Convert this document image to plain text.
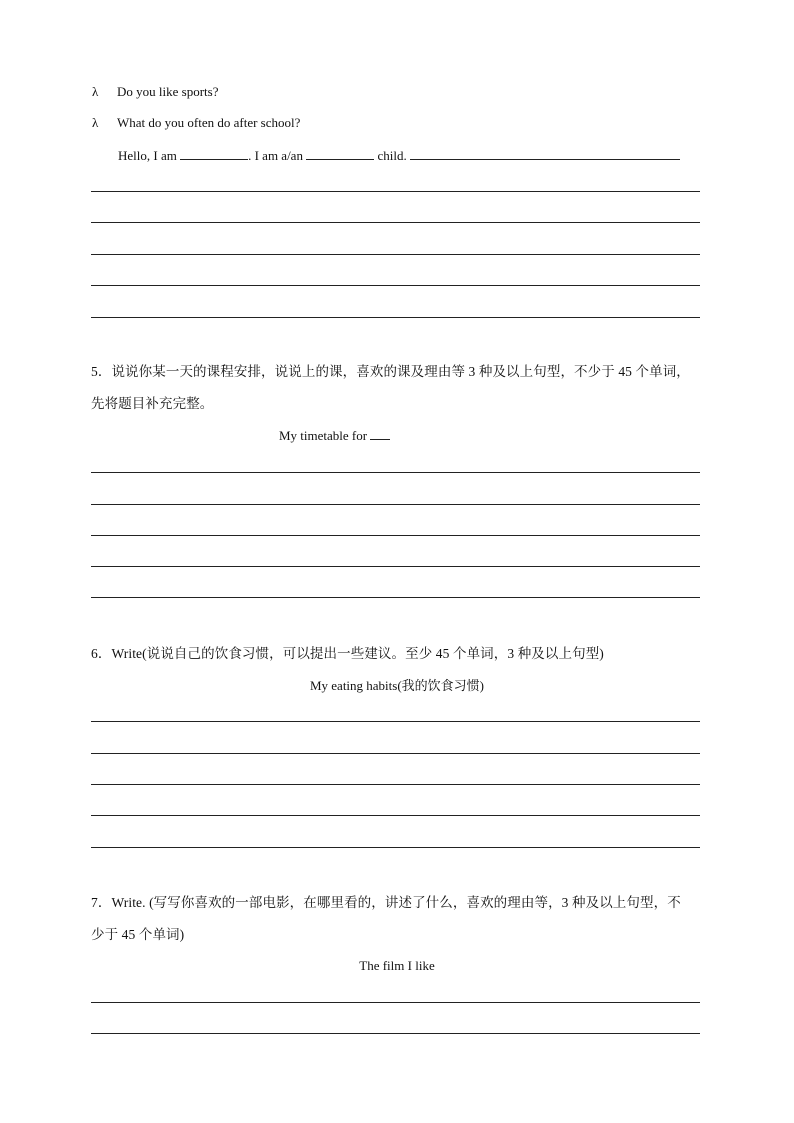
λ Do you like sports?
λ What do you often do after school?
Hello, I am	. I am a/an	child.
5．说说你某一天的课程安排，说说上的课，喜欢的课及理由等 3 种及以上句型，不少于 45 个单词，
先将题目补充完整。
My timetable for
6．Write(说说自己的饮食习惯，可以提出一些建议。至少 45 个单词，3 种及以上句型)
My eating habits(我的饮食习惯)
7．Write. (写写你喜欢的一部电影，在哪里看的，讲述了什么，喜欢的理由等，3 种及以上句型，不
少于 45 个单词)
The film I like
